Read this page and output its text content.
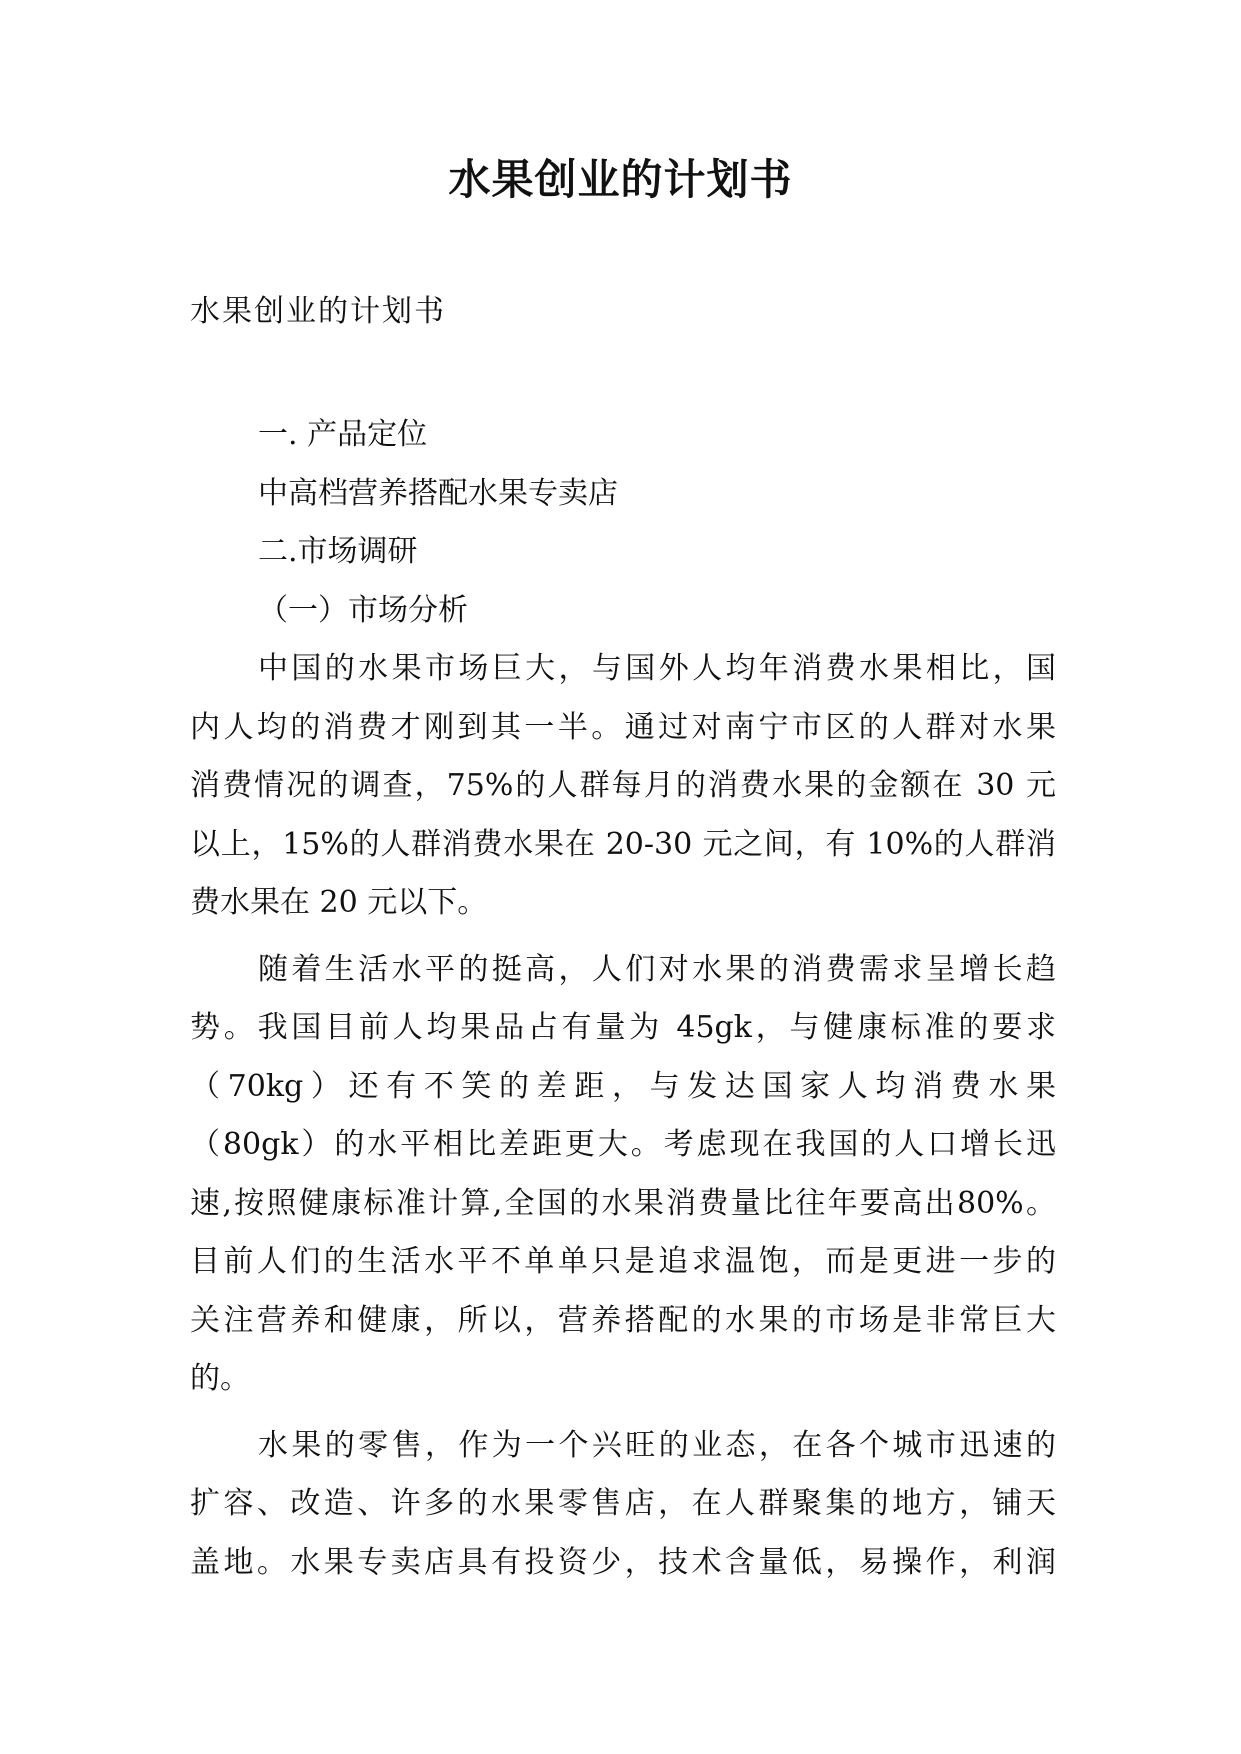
水果创业的计划书

水果创业的计划书

一. 产品定位

中高档营养搭配水果专卖店

二.市场调研

（一）市场分析

中国的水果市场巨大，与国外人均年消费水果相比，国

内人均的消费才刚到其一半。通过对南宁市区的人群对水果

消费情况的调查，75%的人群每月的消费水果的金额在 30 元

以上，15%的人群消费水果在 20-30 元之间，有 10%的人群消

费水果在 20 元以下。

随着生活水平的挺高，人们对水果的消费需求呈增长趋

势。我国目前人均果品占有量为 45gk，与健康标准的要求

（70kg）还有不笑的差距，与发达国家人均消费水果

（80gk）的水平相比差距更大。考虑现在我国的人口增长迅

速,按照健康标准计算,全国的水果消费量比往年要高出80%。

目前人们的生活水平不单单只是追求温饱，而是更进一步的

关注营养和健康，所以，营养搭配的水果的市场是非常巨大

的。

水果的零售，作为一个兴旺的业态，在各个城市迅速的

扩容、改造、许多的水果零售店，在人群聚集的地方，铺天

盖地。水果专卖店具有投资少，技术含量低，易操作，利润
